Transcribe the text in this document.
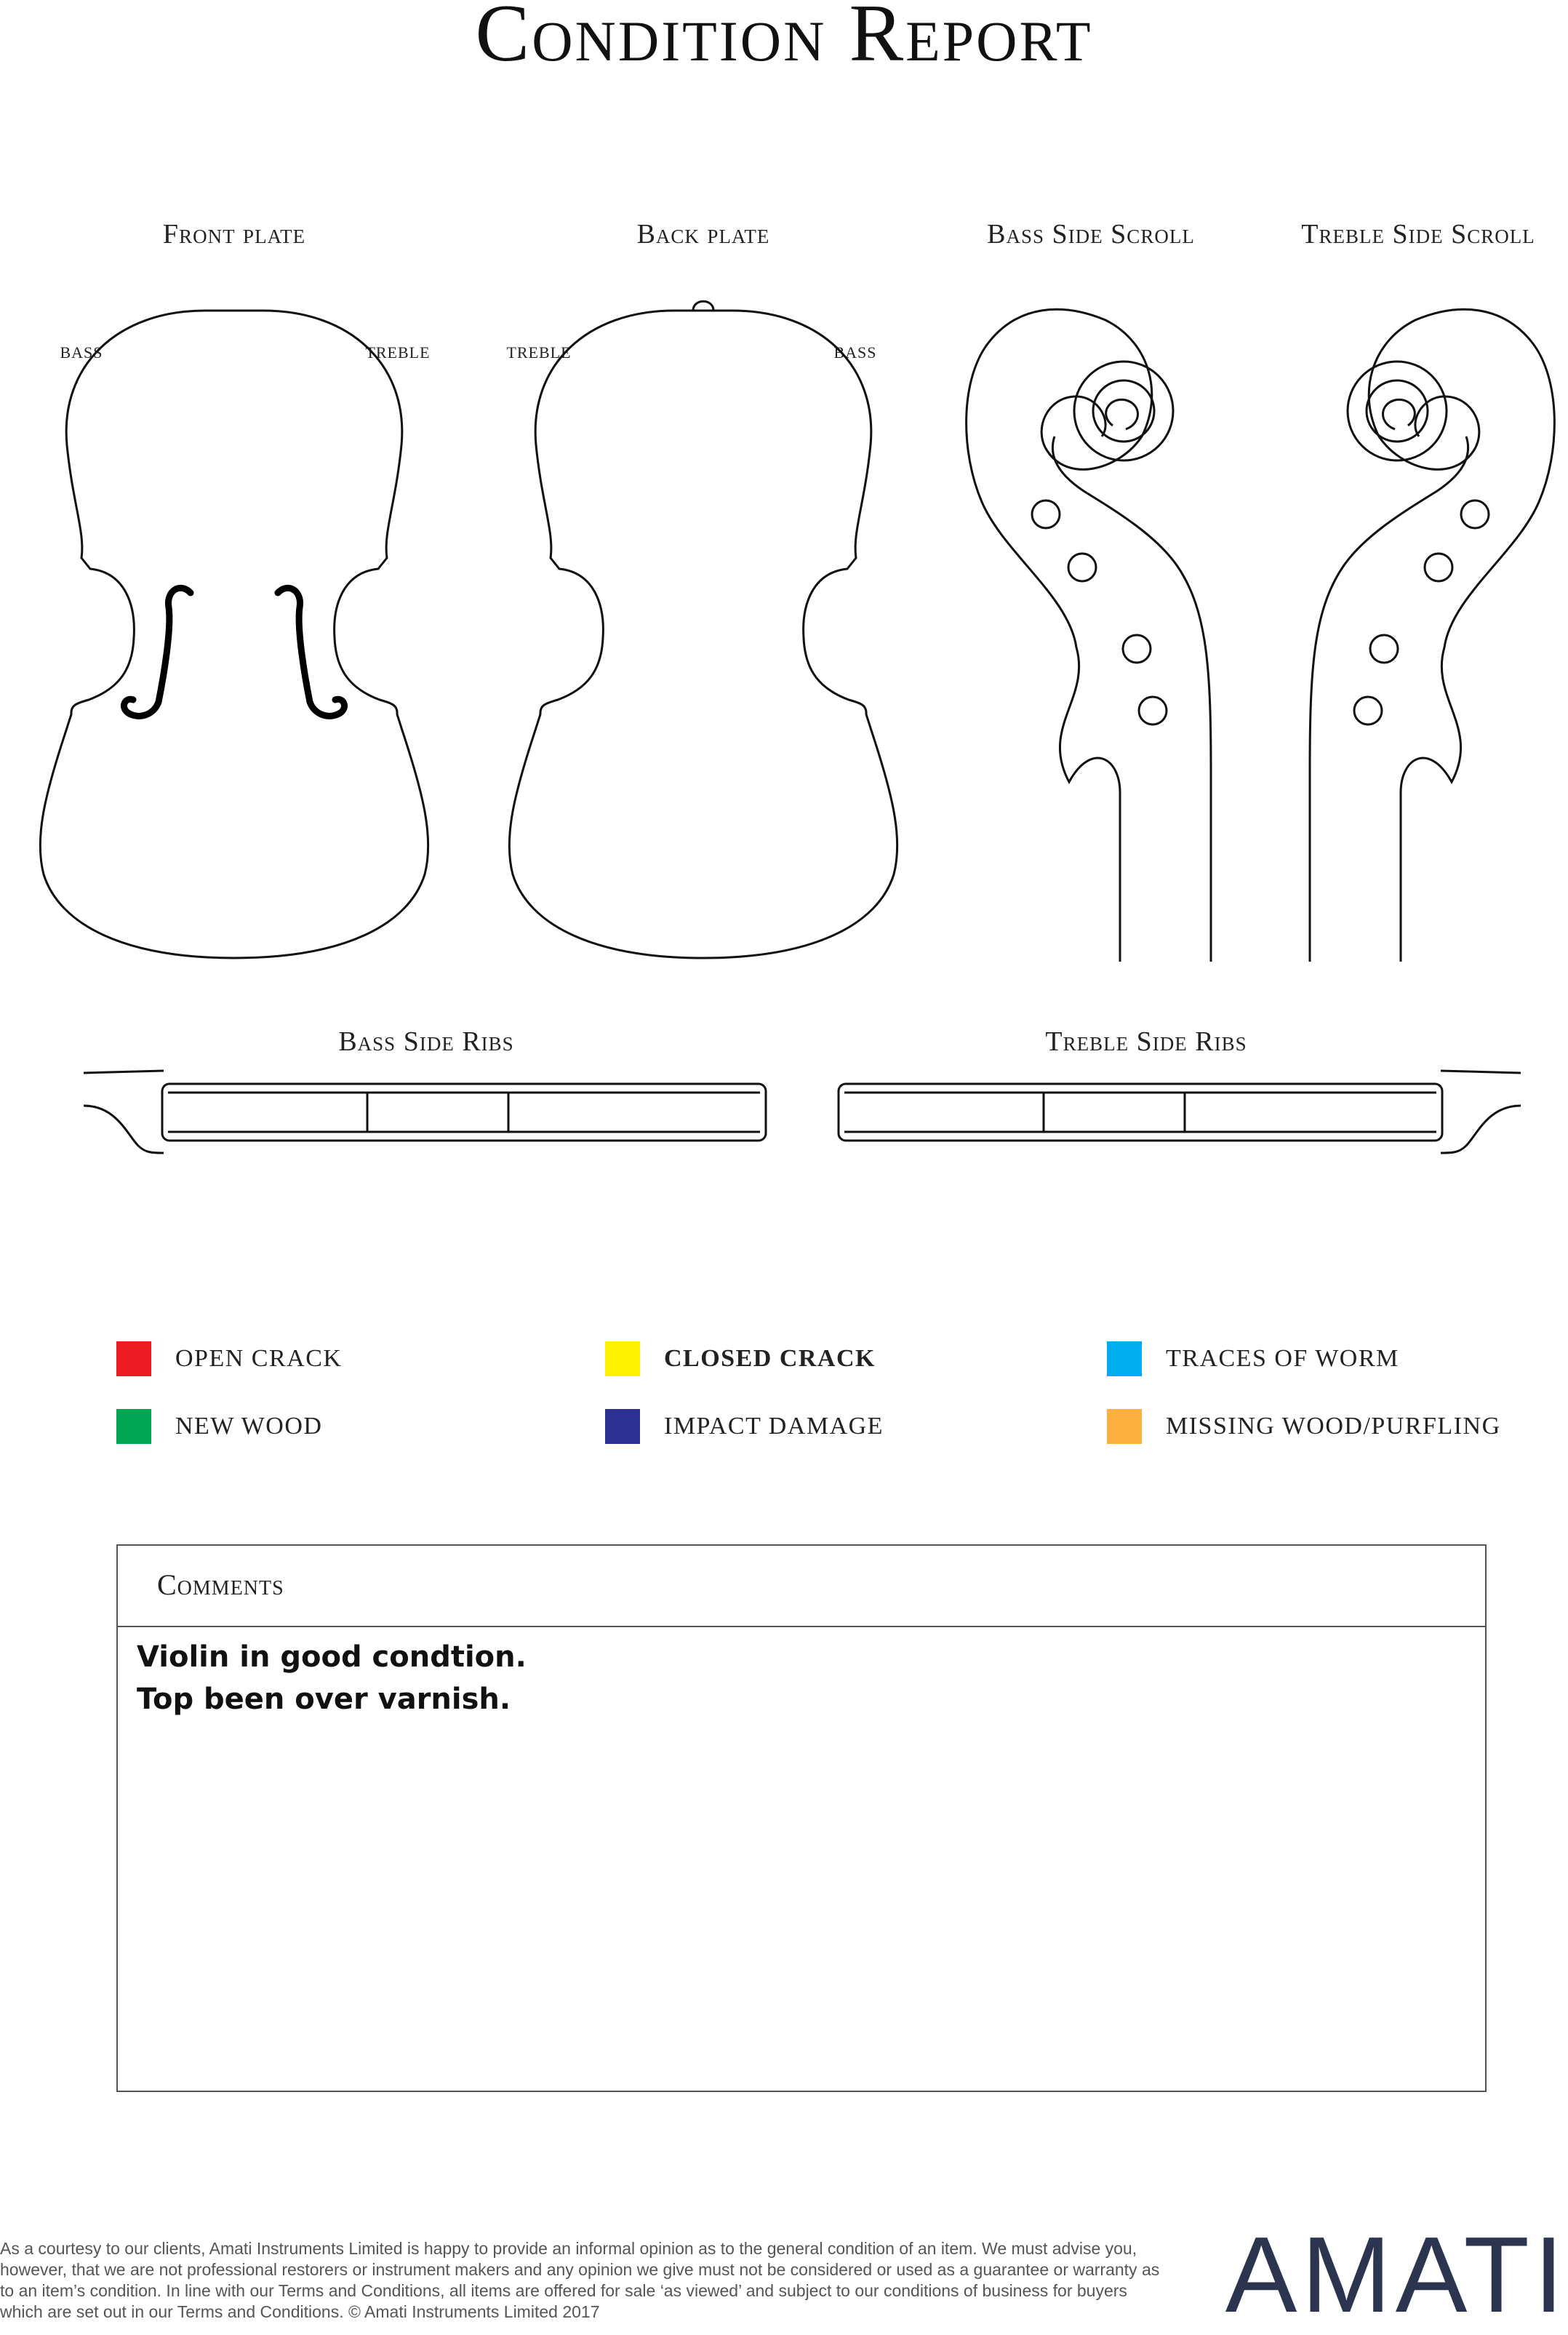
Condition Report
Front plate	Back plate	Bass Side Scroll	Treble Side Scroll
Bass Side Ribs	Treble Side Ribs
BASS	TREBLE	TREBLE	BASS
OPEN CRACK	CLOSED CRACK	TRACES OF WORM
NEW WOOD	IMPACT DAMAGE	MISSING WOOD/PURFLING
Comments
Violin in good condtion.
Top been over varnish.
As a courtesy to our clients, Amati Instruments Limited is happy to provide an informal opinion as to the general condition of an item. We must advise you, however, that we are not professional restorers or instrument makers and any opinion we give must not be considered or used as a guarantee or warranty as to an item’s condition. In line with our Terms and Conditions, all items are offered for sale ‘as viewed’ and subject to our conditions of business for buyers which are set out in our Terms and Conditions. © Amati Instruments Limited 2017	AMATI
